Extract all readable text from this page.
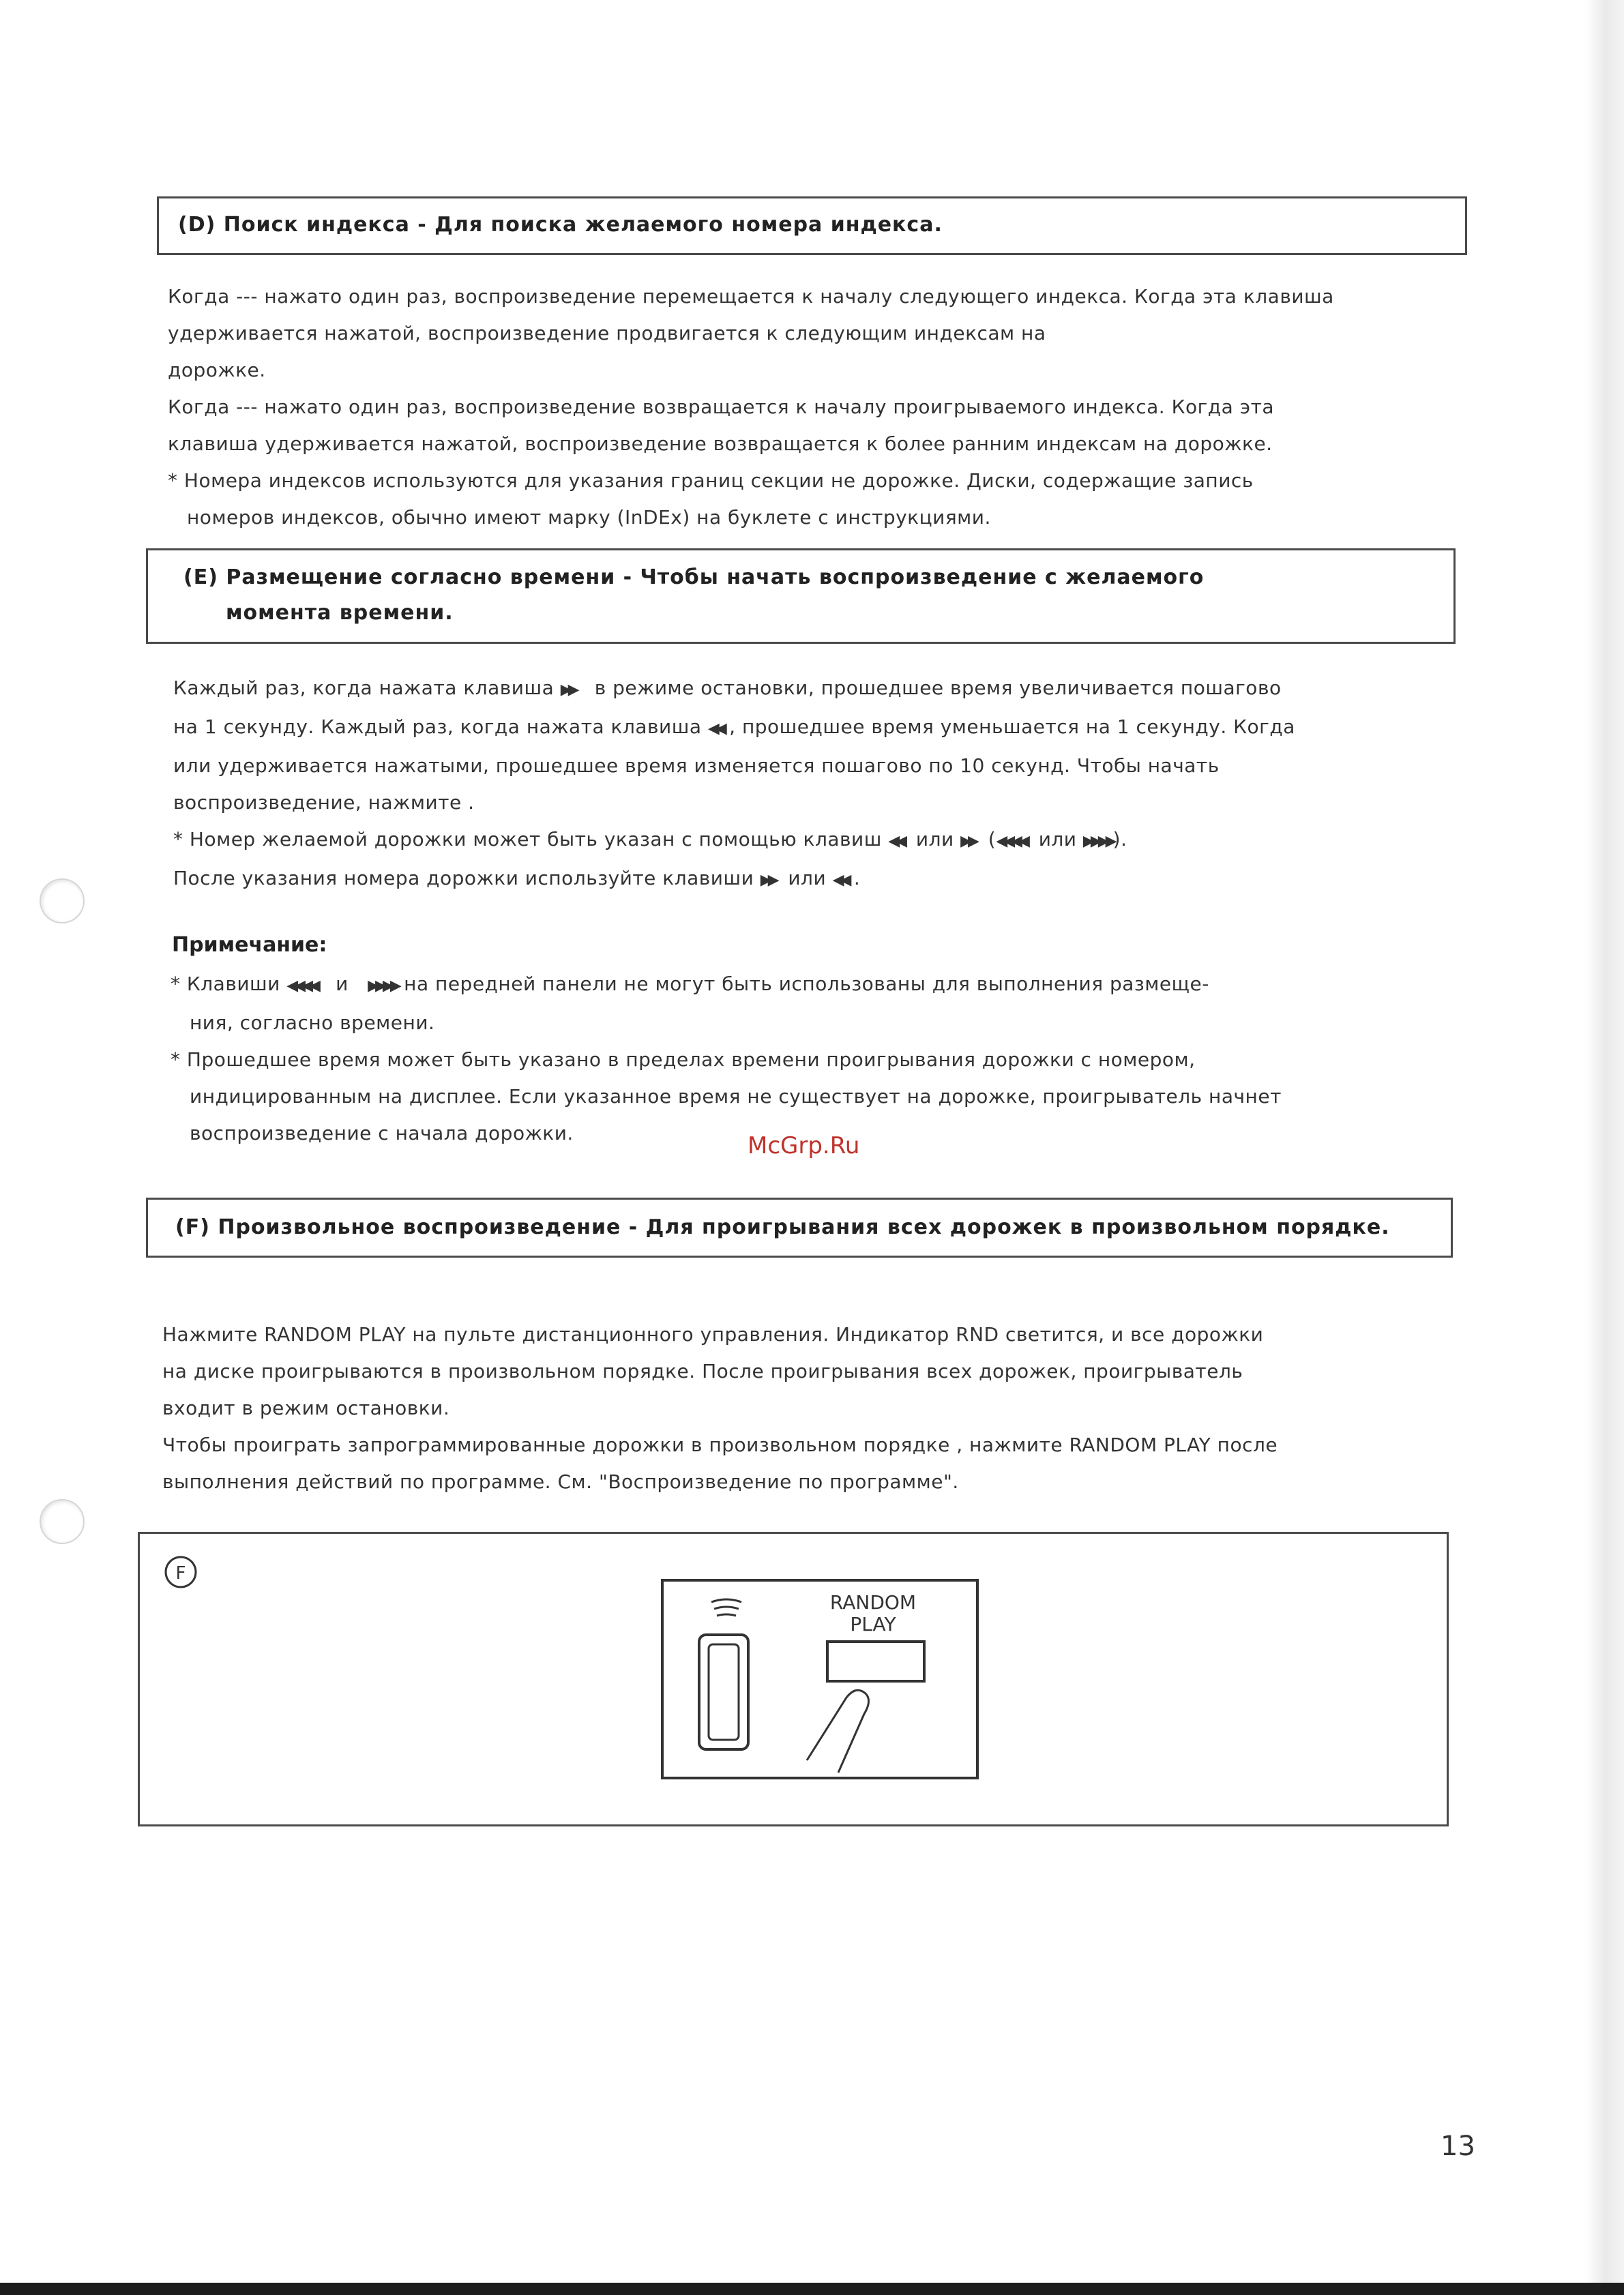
(D) Поиск индекса - Для поиска желаемого номера индекса.

Когда --- нажато один раз, воспроизведение перемещается к началу следующего индекса. Когда эта клавиша

удерживается нажатой, воспроизведение продвигается к следующим индексам на

дорожке.

Когда --- нажато один раз, воспроизведение возвращается к началу проигрываемого индекса. Когда эта

клавиша удерживается нажатой, воспроизведение возвращается к более ранним индексам на дорожке.

* Номера индексов используются для указания границ секции не дорожке. Диски, содержащие запись

номеров индексов, обычно имеют марку (InDEx) на буклете с инструкциями.

(E) Размещение согласно времени - Чтобы начать воспроизведение с желаемого
момента времени.

Каждый раз, когда нажата клавиша ▶▶ в режиме остановки, прошедшее время увеличивается пошагово

на 1 секунду. Каждый раз, когда нажата клавиша ◀◀ , прошедшее время уменьшается на 1 секунду. Когда

или удерживается нажатыми, прошедшее время изменяется пошагово по 10 секунд. Чтобы начать

воспроизведение, нажмите .

* Номер желаемой дорожки может быть указан с помощью клавиш ◀◀ или ▶▶ (◀◀◀◀ или ▶▶▶▶).

После указания номера дорожки используйте клавиши ▶▶ или ◀◀ .

Примечание:

* Клавиши ◀◀◀◀ и ▶▶▶▶ на передней панели не могут быть использованы для выполнения размеще-

ния, согласно времени.

* Прошедшее время может быть указано в пределах времени проигрывания дорожки с номером,

индицированным на дисплее. Если указанное время не существует на дорожке, проигрыватель начнет

воспроизведение с начала дорожки.	McGrp.Ru
(F) Произвольное воспроизведение - Для проигрывания всех дорожек в произвольном порядке.

Нажмите RANDOM PLAY на пульте дистанционного управления. Индикатор RND светится, и все дорожки

на диске проигрываются в произвольном порядке. После проигрывания всех дорожек, проигрыватель

входит в режим остановки.

Чтобы проиграть запрограммированные дорожки в произвольном порядке , нажмите RANDOM PLAY после

выполнения действий по программе. См. "Воспроизведение по программе".

F
RANDOM
PLAY
13
